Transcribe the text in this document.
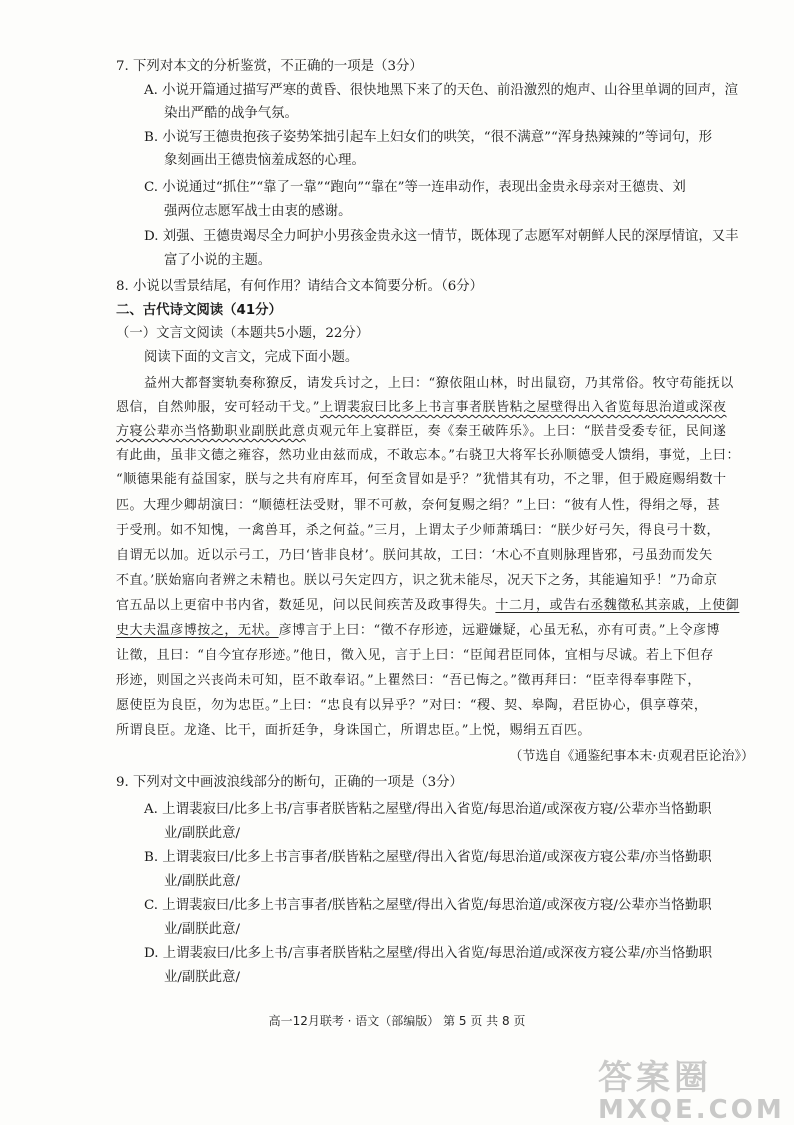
7. 下列对本文的分析鉴赏，不正确的一项是（3分）
A. 小说开篇通过描写严寒的黄昏、很快地黑下来了的天色、前沿激烈的炮声、山谷里单调的回声，渲
染出严酷的战争气氛。
B. 小说写王德贵抱孩子姿势笨拙引起车上妇女们的哄笑，“很不满意”“浑身热辣辣的”等词句，形
象刻画出王德贵恼羞成怒的心理。
C. 小说通过“抓住”“靠了一靠”“跑向”“靠在”等一连串动作，表现出金贵永母亲对王德贵、刘
强两位志愿军战士由衷的感谢。
D. 刘强、王德贵竭尽全力呵护小男孩金贵永这一情节，既体现了志愿军对朝鲜人民的深厚情谊，又丰
富了小说的主题。
8. 小说以雪景结尾，有何作用？请结合文本简要分析。（6分）
二、古代诗文阅读（41分）
（一）文言文阅读（本题共5小题，22分）
阅读下面的文言文，完成下面小题。
益州大都督窦轨奏称獠反，请发兵讨之，上曰：“獠依阻山林，时出鼠窃，乃其常俗。牧守苟能抚以
恩信，自然帅服，安可轻动干戈。”上谓裴寂曰比多上书言事者朕皆粘之屋壁得出入省览每思治道或深夜
方寝公辈亦当恪勤职业副朕此意贞观元年上宴群臣，奏《秦王破阵乐》。上曰：“朕昔受委专征，民间遂
有此曲，虽非文德之雍容，然功业由兹而成，不敢忘本。”右骁卫大将军长孙顺德受人馈绢，事觉，上曰：
“顺德果能有益国家，朕与之共有府库耳，何至贪冒如是乎？”犹惜其有功，不之罪，但于殿庭赐绢数十
匹。大理少卿胡演曰：“顺德枉法受财，罪不可赦，奈何复赐之绢？”上曰：“彼有人性，得绢之辱，甚
于受刑。如不知愧，一禽兽耳，杀之何益。”三月，上谓太子少师萧瑀曰：“朕少好弓矢，得良弓十数，
自谓无以加。近以示弓工，乃曰‘皆非良材’。朕问其故，工曰：‘木心不直则脉理皆邪，弓虽劲而发矢
不直。’朕始寤向者辨之未精也。朕以弓矢定四方，识之犹未能尽，况天下之务，其能遍知乎！”乃命京
官五品以上更宿中书内省，数延见，问以民间疾苦及政事得失。十二月，或告右丞魏徵私其亲戚，上使御
史大夫温彦博按之，无状。彦博言于上曰：“徵不存形迹，远避嫌疑，心虽无私，亦有可责。”上令彦博
让徵，且曰：“自今宜存形迹。”他日，徵入见，言于上曰：“臣闻君臣同体，宜相与尽诚。若上下但存
形迹，则国之兴丧尚未可知，臣不敢奉诏。”上瞿然曰：“吾已悔之。”徵再拜曰：“臣幸得奉事陛下，
愿使臣为良臣，勿为忠臣。”上曰：“忠良有以异乎？”对曰：“稷、契、皋陶，君臣协心，俱享尊荣，
所谓良臣。龙逄、比干，面折廷争，身诛国亡，所谓忠臣。”上悦，赐绢五百匹。
（节选自《通鉴纪事本末·贞观君臣论治》）
9. 下列对文中画波浪线部分的断句，正确的一项是（3分）
A. 上谓裴寂曰/比多上书/言事者朕皆粘之屋壁/得出入省览/每思治道/或深夜方寝/公辈亦当恪勤职
业/副朕此意/
B. 上谓裴寂曰/比多上书言事者/朕皆粘之屋壁/得出入省览/每思治道/或深夜方寝公辈/亦当恪勤职
业/副朕此意/
C. 上谓裴寂曰/比多上书言事者/朕皆粘之屋壁/得出入省览/每思治道/或深夜方寝/公辈亦当恪勤职
业/副朕此意/
D. 上谓裴寂曰/比多上书/言事者朕皆粘之屋壁/得出入省览/每思治道/或深夜方寝公辈/亦当恪勤职
业/副朕此意/
高一12月联考 · 语文（部编版） 第 5 页 共 8 页
答案圈
MXQE.COM
